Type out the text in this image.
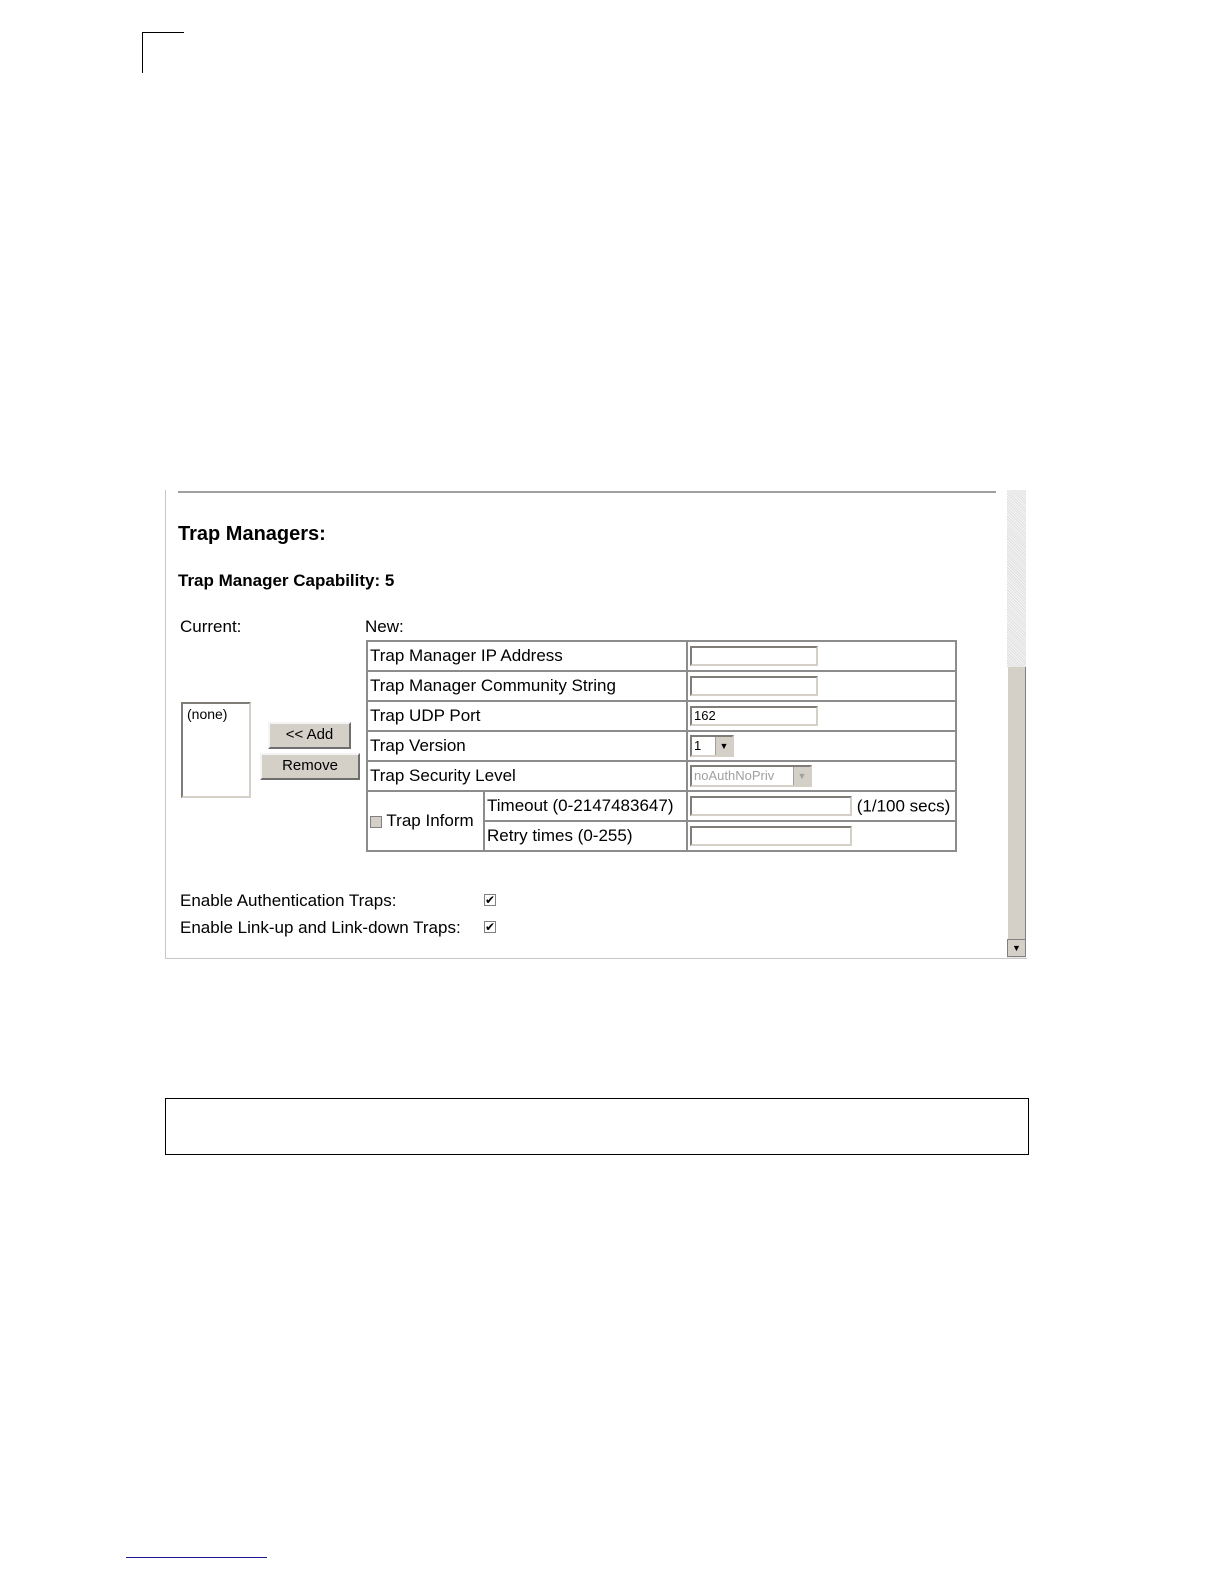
Trap Managers:
Trap Manager Capability: 5
Current:	New:
(none)
<< Add
Remove
Trap Manager IP Address		
Trap Manager Community String		
Trap UDP Port		162
Trap Version		1 ▼

Trap Security Level		noAuthNoPriv ▼

Trap Inform	Timeout (0-2147483647)	(1/100 secs)
	Retry times (0-255)	
Enable Authentication Traps:	✔
Enable Link-up and Link-down Traps: ✔
▼
